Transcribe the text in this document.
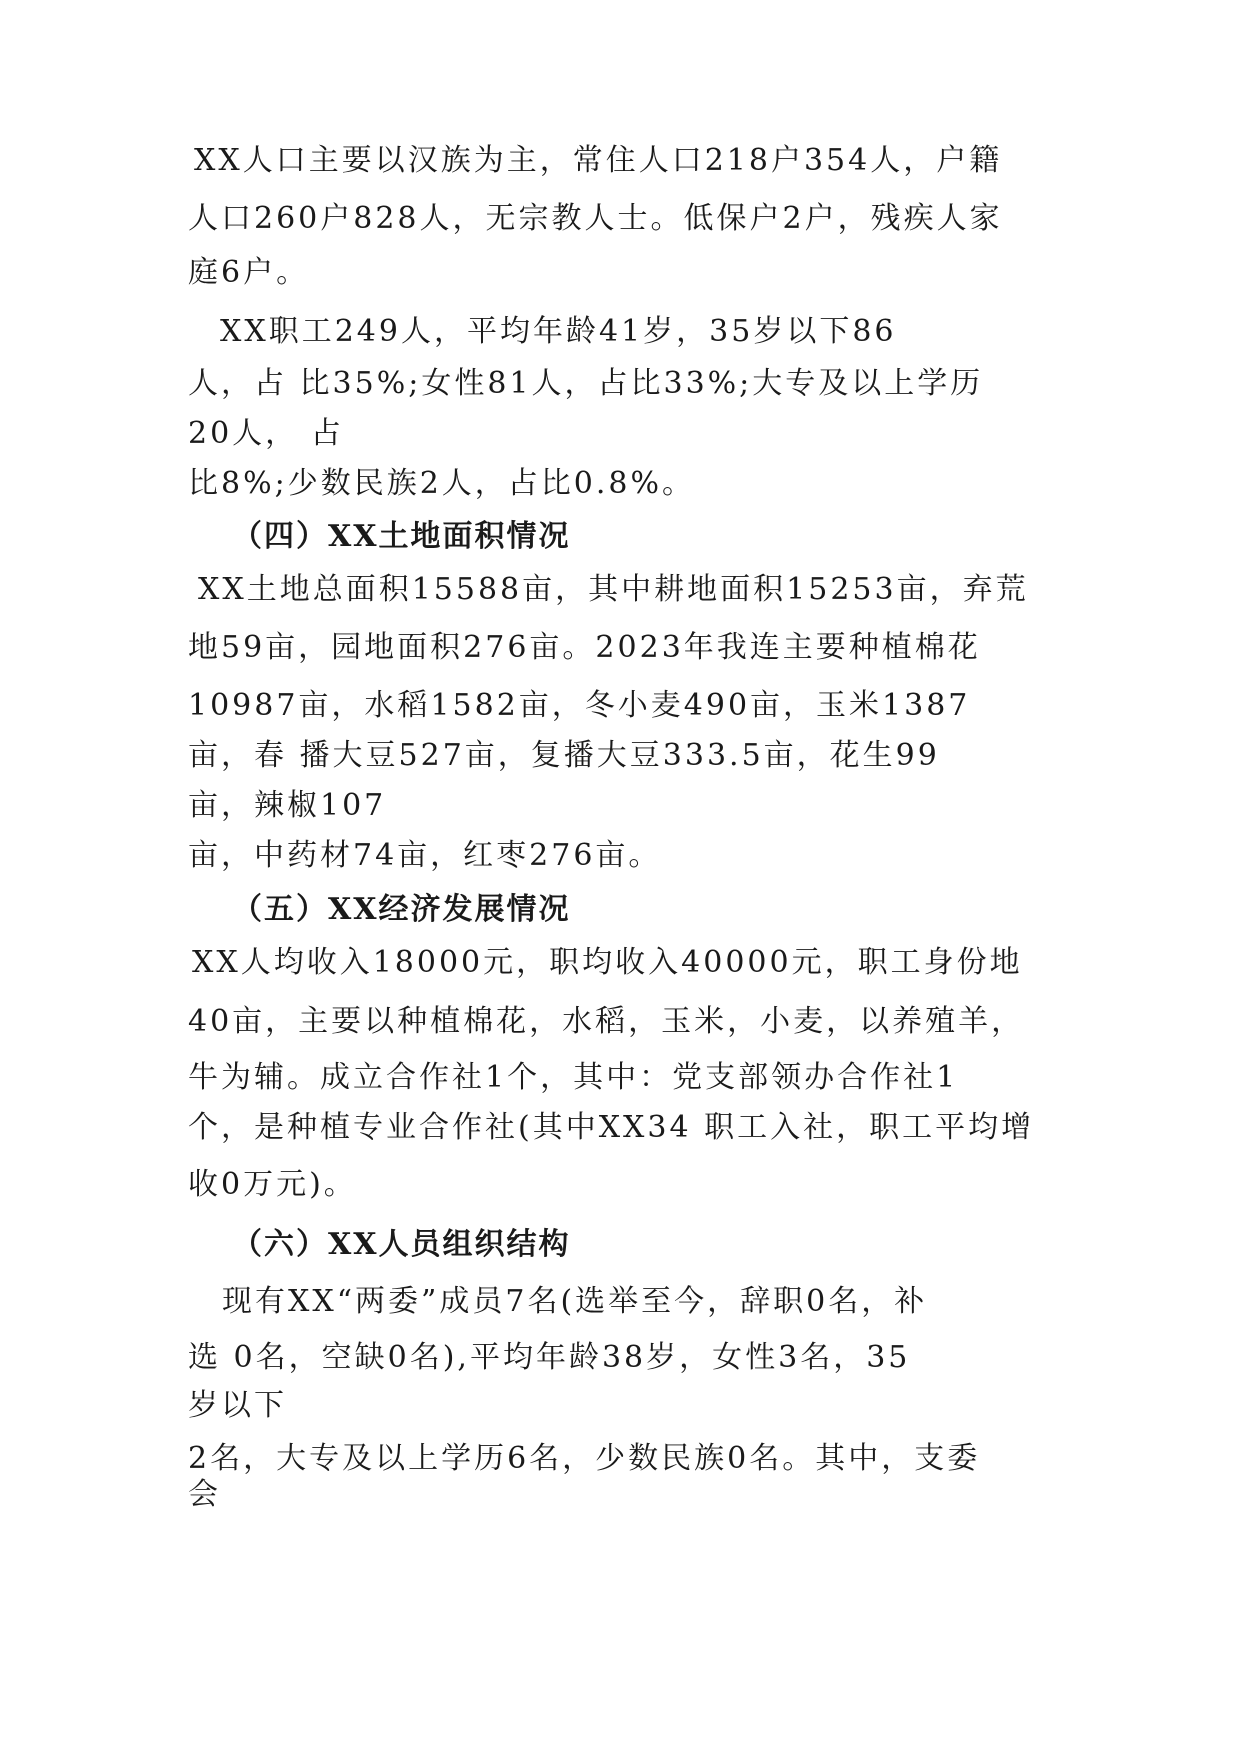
XX人口主要以汉族为主，常住人口218户354人，户籍
人口260户828人，无宗教人士。低保户2户，残疾人家
庭6户。
XX职工249人，平均年龄41岁，35岁以下86
人，占 比35%;女性81人，占比33%;大专及以上学历
20人， 占
比8%;少数民族2人，占比0.8%。
（四）XX土地面积情况
XX土地总面积15588亩，其中耕地面积15253亩，弃荒
地59亩，园地面积276亩。2023年我连主要种植棉花
10987亩，水稻1582亩，冬小麦490亩，玉米1387
亩，春 播大豆527亩，复播大豆333.5亩，花生99
亩，辣椒107
亩，中药材74亩，红枣276亩。
（五）XX经济发展情况
XX人均收入18000元，职均收入40000元，职工身份地
40亩，主要以种植棉花，水稻，玉米，小麦，以养殖羊，
牛为辅。成立合作社1个，其中：党支部领办合作社1
个，是种植专业合作社(其中XX34 职工入社，职工平均增
收0万元)。
（六）XX人员组织结构
现有XX“两委”成员7名(选举至今，辞职0名，补
选 0名，空缺0名),平均年龄38岁，女性3名，35
岁以下
2名，大专及以上学历6名，少数民族0名。其中，支委
会
